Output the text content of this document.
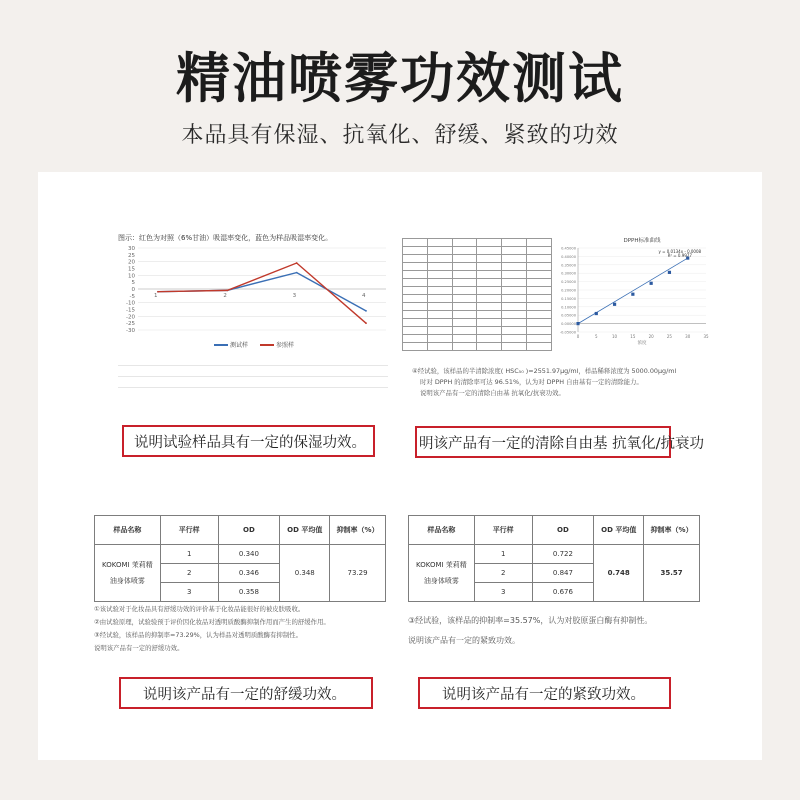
精油喷雾功效测试
本品具有保湿、抗氧化、舒缓、紧致的功效
图示：红色为对照（6%甘油）吸湿率变化，蓝色为样品吸湿率变化。
30
25
20
15
10
5
0
-5
-10
-15
-20
-25
-30
1	2	3	4
测试样	参照样

DPPH标准曲线
0.45000
0.40000
0.35000
0.30000
0.25000
0.20000
0.15000
0.10000
0.05000
0.00000
-0.05000
0	5	10	15	20	25	30	35
浓度
y = 0.0134x - 0.0008
R² = 0.9977
④经试验，该样品的半清除浓度( HSC₅₀ )=2551.97μg/ml，样品稀释浓度为 5000.00μg/ml
时对 DPPH 的清除率可达 96.51%，认为对 DPPH 自由基有一定的清除能力。
说明该产品有一定的清除自由基 抗氧化/抗衰功效。
说明试验样品具有一定的保湿功效。	明该产品有一定的清除自由基 抗氧化/抗衰功
样品名称	平行样	OD	OD 平均值	抑制率（%）
KOKOMI 茉莉精油身体喷雾	1	0.340	0.348	73.29
	2	0.346		
	3	0.358		
①该试验对于化妆品具有舒缓功效的评价基于化妆品能很好的被皮肤吸收。
②由试验原理，试验验预于评价因化妆品对透明质酸酶抑制作用而产生的舒缓作用。
③经试验，该样品的抑制率=73.29%，认为样品对透明质酸酶有抑制性。
说明该产品有一定的舒缓功效。
样品名称	平行样	OD	OD 平均值	抑制率（%）
KOKOMI 茉莉精油身体喷雾	1	0.722	0.748	35.57
	2	0.847		
	3	0.676		
③经试验，该样品的抑制率=35.57%，认为对胶原蛋白酶有抑制性。
说明该产品有一定的紧致功效。
说明该产品有一定的舒缓功效。	说明该产品有一定的紧致功效。
